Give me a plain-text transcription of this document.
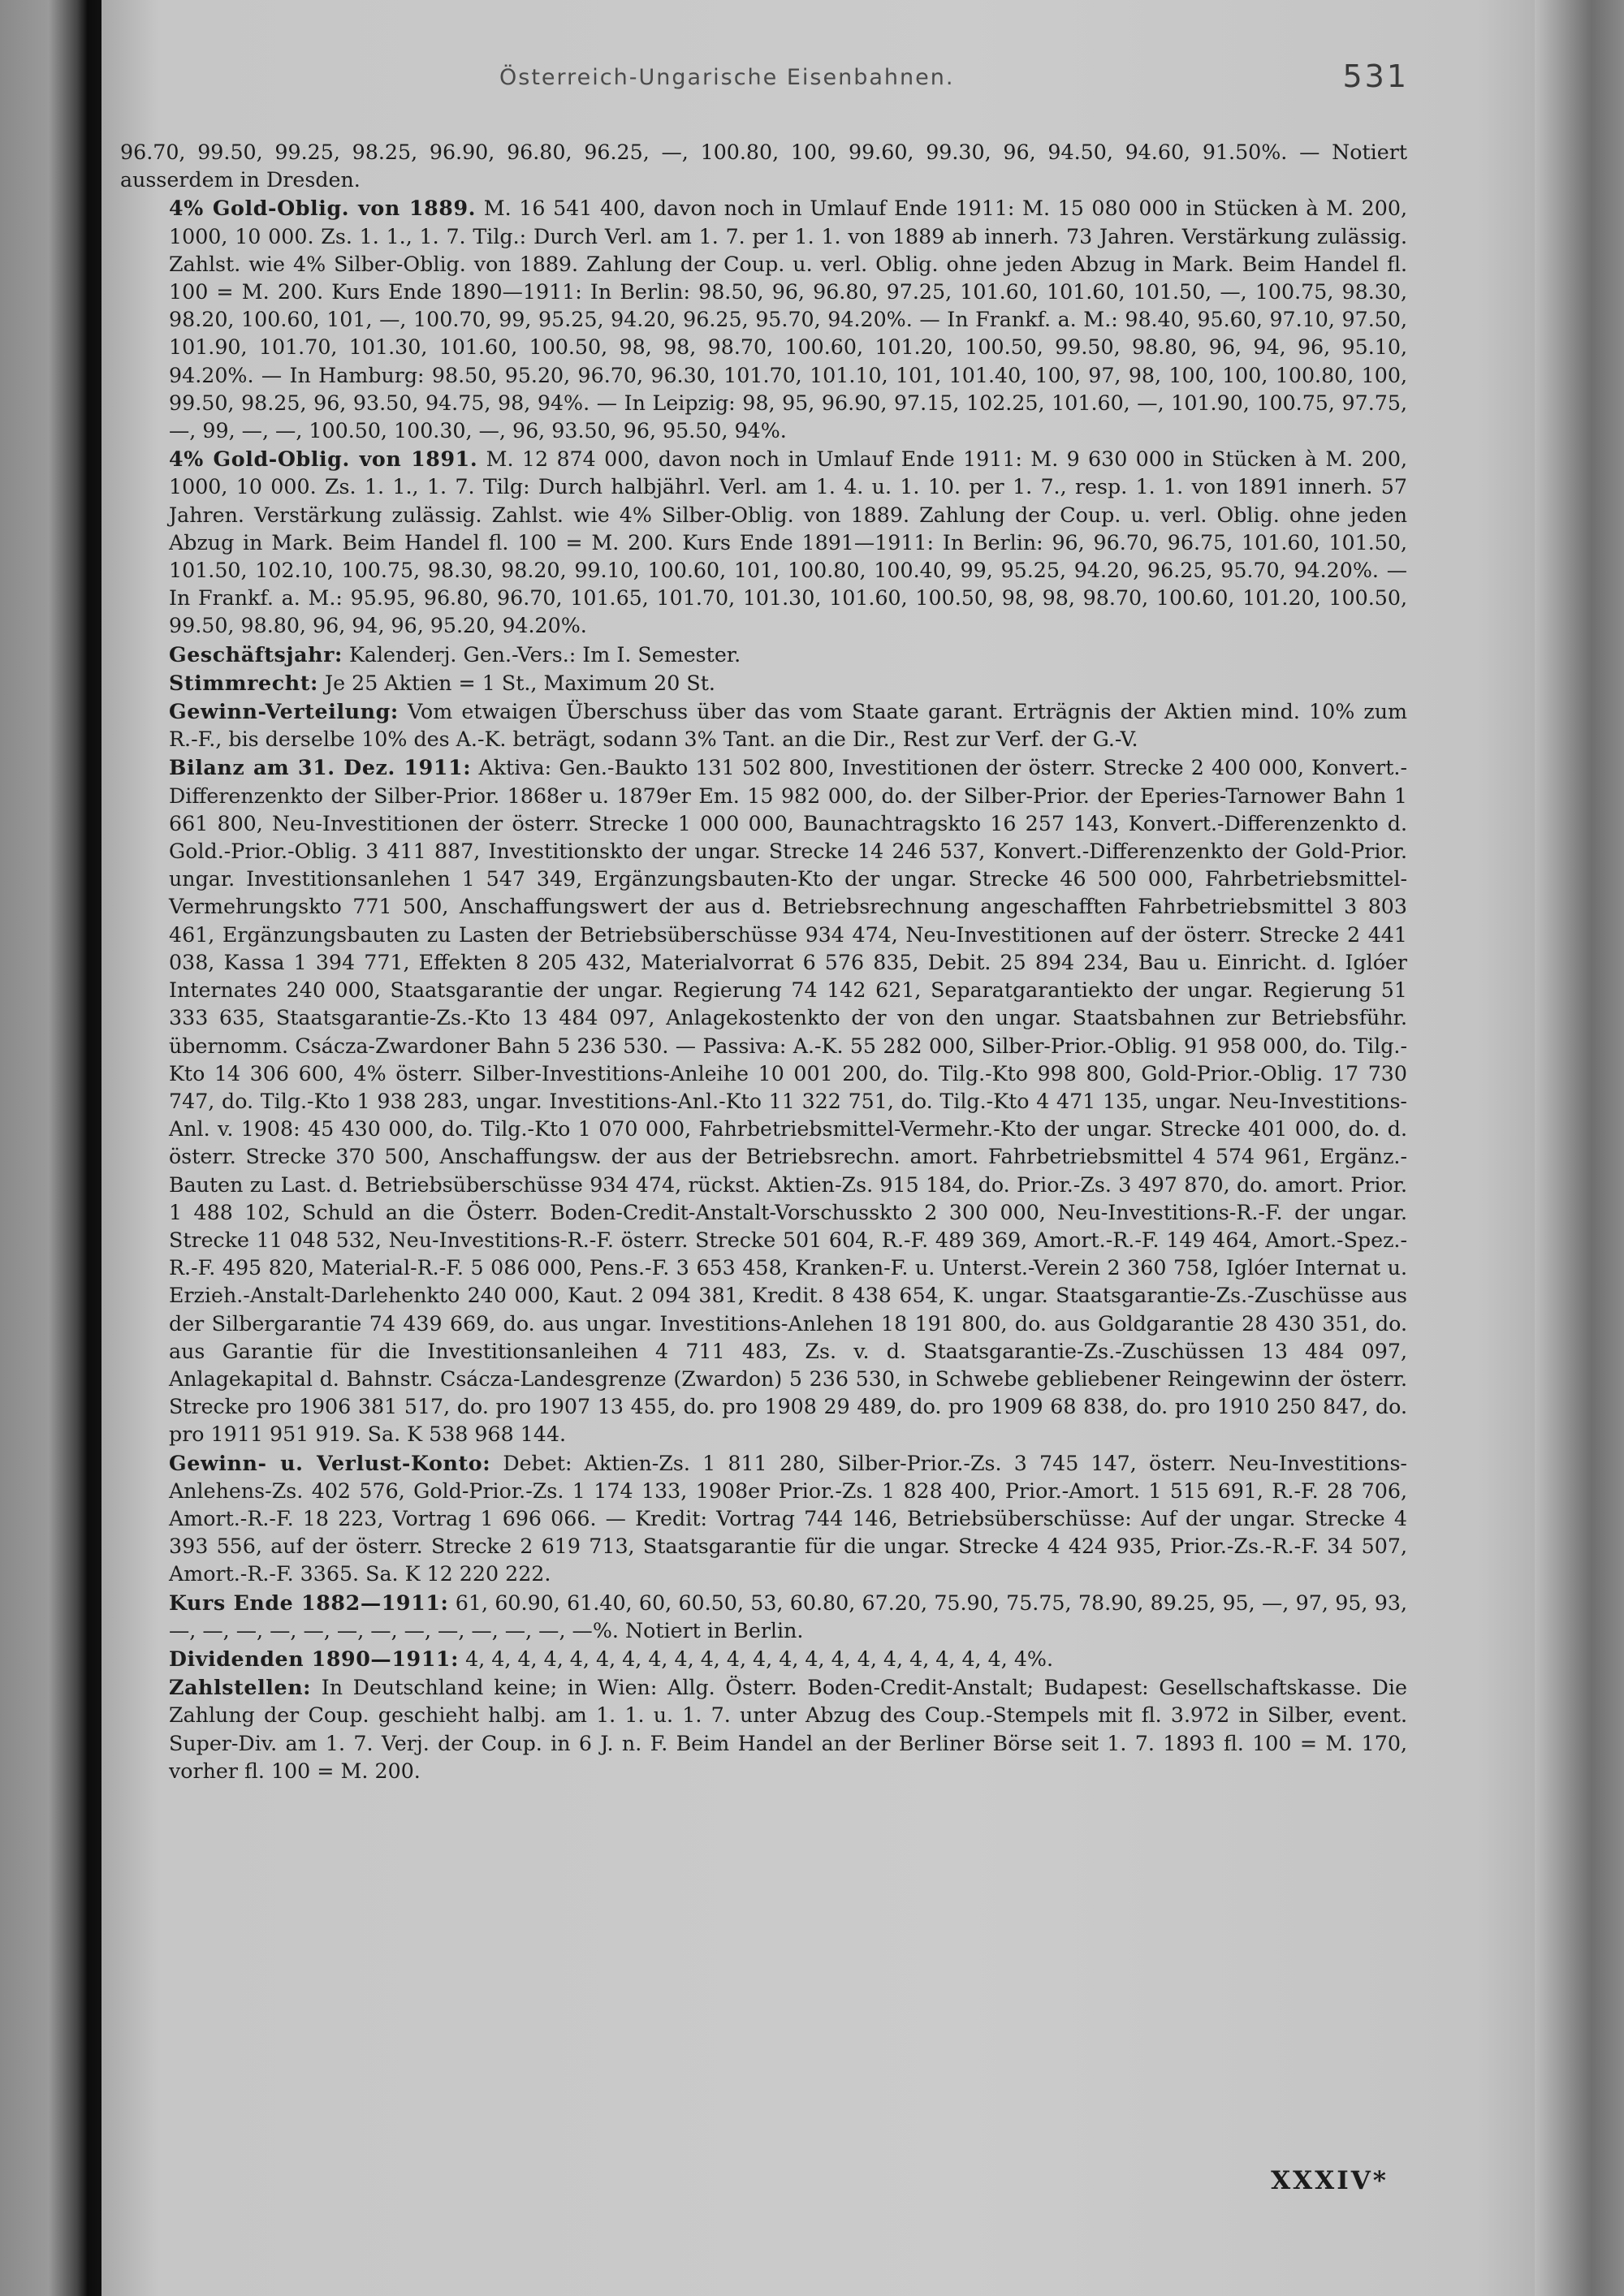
Österreich-Ungarische Eisenbahnen.	531

96.70, 99.50, 99.25, 98.25, 96.90, 96.80, 96.25, —, 100.80, 100, 99.60, 99.30, 96, 94.50, 94.60, 91.50%. — Notiert ausserdem in Dresden.

4% Gold-Oblig. von 1889. M. 16 541 400, davon noch in Umlauf Ende 1911: M. 15 080 000 in Stücken à M. 200, 1000, 10 000. Zs. 1. 1., 1. 7. Tilg.: Durch Verl. am 1. 7. per 1. 1. von 1889 ab innerh. 73 Jahren. Verstärkung zulässig. Zahlst. wie 4% Silber-Oblig. von 1889. Zahlung der Coup. u. verl. Oblig. ohne jeden Abzug in Mark. Beim Handel fl. 100 = M. 200. Kurs Ende 1890—1911: In Berlin: 98.50, 96, 96.80, 97.25, 101.60, 101.60, 101.50, —, 100.75, 98.30, 98.20, 100.60, 101, —, 100.70, 99, 95.25, 94.20, 96.25, 95.70, 94.20%. — In Frankf. a. M.: 98.40, 95.60, 97.10, 97.50, 101.90, 101.70, 101.30, 101.60, 100.50, 98, 98, 98.70, 100.60, 101.20, 100.50, 99.50, 98.80, 96, 94, 96, 95.10, 94.20%. — In Hamburg: 98.50, 95.20, 96.70, 96.30, 101.70, 101.10, 101, 101.40, 100, 97, 98, 100, 100, 100.80, 100, 99.50, 98.25, 96, 93.50, 94.75, 98, 94%. — In Leipzig: 98, 95, 96.90, 97.15, 102.25, 101.60, —, 101.90, 100.75, 97.75, —, 99, —, —, 100.50, 100.30, —, 96, 93.50, 96, 95.50, 94%.

4% Gold-Oblig. von 1891. M. 12 874 000, davon noch in Umlauf Ende 1911: M. 9 630 000 in Stücken à M. 200, 1000, 10 000. Zs. 1. 1., 1. 7. Tilg: Durch halbjährl. Verl. am 1. 4. u. 1. 10. per 1. 7., resp. 1. 1. von 1891 innerh. 57 Jahren. Verstärkung zulässig. Zahlst. wie 4% Silber-Oblig. von 1889. Zahlung der Coup. u. verl. Oblig. ohne jeden Abzug in Mark. Beim Handel fl. 100 = M. 200. Kurs Ende 1891—1911: In Berlin: 96, 96.70, 96.75, 101.60, 101.50, 101.50, 102.10, 100.75, 98.30, 98.20, 99.10, 100.60, 101, 100.80, 100.40, 99, 95.25, 94.20, 96.25, 95.70, 94.20%. — In Frankf. a. M.: 95.95, 96.80, 96.70, 101.65, 101.70, 101.30, 101.60, 100.50, 98, 98, 98.70, 100.60, 101.20, 100.50, 99.50, 98.80, 96, 94, 96, 95.20, 94.20%.

Geschäftsjahr: Kalenderj. Gen.-Vers.: Im I. Semester.

Stimmrecht: Je 25 Aktien = 1 St., Maximum 20 St.

Gewinn-Verteilung: Vom etwaigen Überschuss über das vom Staate garant. Erträgnis der Aktien mind. 10% zum R.-F., bis derselbe 10% des A.-K. beträgt, sodann 3% Tant. an die Dir., Rest zur Verf. der G.-V.

Bilanz am 31. Dez. 1911: Aktiva: Gen.-Baukto 131 502 800, Investitionen der österr. Strecke 2 400 000, Konvert.-Differenzenkto der Silber-Prior. 1868er u. 1879er Em. 15 982 000, do. der Silber-Prior. der Eperies-Tarnower Bahn 1 661 800, Neu-Investitionen der österr. Strecke 1 000 000, Baunachtragskto 16 257 143, Konvert.-Differenzenkto d. Gold.-Prior.-Oblig. 3 411 887, Investitionskto der ungar. Strecke 14 246 537, Konvert.-Differenzenkto der Gold-Prior. ungar. Investitionsanlehen 1 547 349, Ergänzungsbauten-Kto der ungar. Strecke 46 500 000, Fahrbetriebsmittel-Vermehrungskto 771 500, Anschaffungswert der aus d. Betriebsrechnung angeschafften Fahrbetriebsmittel 3 803 461, Ergänzungsbauten zu Lasten der Betriebsüberschüsse 934 474, Neu-Investitionen auf der österr. Strecke 2 441 038, Kassa 1 394 771, Effekten 8 205 432, Materialvorrat 6 576 835, Debit. 25 894 234, Bau u. Einricht. d. Iglóer Internates 240 000, Staatsgarantie der ungar. Regierung 74 142 621, Separatgarantiekto der ungar. Regierung 51 333 635, Staatsgarantie-Zs.-Kto 13 484 097, Anlagekostenkto der von den ungar. Staatsbahnen zur Betriebsführ. übernomm. Csácza-Zwardoner Bahn 5 236 530. — Passiva: A.-K. 55 282 000, Silber-Prior.-Oblig. 91 958 000, do. Tilg.-Kto 14 306 600, 4% österr. Silber-Investitions-Anleihe 10 001 200, do. Tilg.-Kto 998 800, Gold-Prior.-Oblig. 17 730 747, do. Tilg.-Kto 1 938 283, ungar. Investitions-Anl.-Kto 11 322 751, do. Tilg.-Kto 4 471 135, ungar. Neu-Investitions-Anl. v. 1908: 45 430 000, do. Tilg.-Kto 1 070 000, Fahrbetriebsmittel-Vermehr.-Kto der ungar. Strecke 401 000, do. d. österr. Strecke 370 500, Anschaffungsw. der aus der Betriebsrechn. amort. Fahrbetriebsmittel 4 574 961, Ergänz.-Bauten zu Last. d. Betriebsüberschüsse 934 474, rückst. Aktien-Zs. 915 184, do. Prior.-Zs. 3 497 870, do. amort. Prior. 1 488 102, Schuld an die Österr. Boden-Credit-Anstalt-Vorschusskto 2 300 000, Neu-Investitions-R.-F. der ungar. Strecke 11 048 532, Neu-Investitions-R.-F. österr. Strecke 501 604, R.-F. 489 369, Amort.-R.-F. 149 464, Amort.-Spez.-R.-F. 495 820, Material-R.-F. 5 086 000, Pens.-F. 3 653 458, Kranken-F. u. Unterst.-Verein 2 360 758, Iglóer Internat u. Erzieh.-Anstalt-Darlehenkto 240 000, Kaut. 2 094 381, Kredit. 8 438 654, K. ungar. Staatsgarantie-Zs.-Zuschüsse aus der Silbergarantie 74 439 669, do. aus ungar. Investitions-Anlehen 18 191 800, do. aus Goldgarantie 28 430 351, do. aus Garantie für die Investitionsanleihen 4 711 483, Zs. v. d. Staatsgarantie-Zs.-Zuschüssen 13 484 097, Anlagekapital d. Bahnstr. Csácza-Landesgrenze (Zwardon) 5 236 530, in Schwebe gebliebener Reingewinn der österr. Strecke pro 1906 381 517, do. pro 1907 13 455, do. pro 1908 29 489, do. pro 1909 68 838, do. pro 1910 250 847, do. pro 1911 951 919. Sa. K 538 968 144.

Gewinn- u. Verlust-Konto: Debet: Aktien-Zs. 1 811 280, Silber-Prior.-Zs. 3 745 147, österr. Neu-Investitions-Anlehens-Zs. 402 576, Gold-Prior.-Zs. 1 174 133, 1908er Prior.-Zs. 1 828 400, Prior.-Amort. 1 515 691, R.-F. 28 706, Amort.-R.-F. 18 223, Vortrag 1 696 066. — Kredit: Vortrag 744 146, Betriebsüberschüsse: Auf der ungar. Strecke 4 393 556, auf der österr. Strecke 2 619 713, Staatsgarantie für die ungar. Strecke 4 424 935, Prior.-Zs.-R.-F. 34 507, Amort.-R.-F. 3365. Sa. K 12 220 222.

Kurs Ende 1882—1911: 61, 60.90, 61.40, 60, 60.50, 53, 60.80, 67.20, 75.90, 75.75, 78.90, 89.25, 95, —, 97, 95, 93, —, —, —, —, —, —, —, —, —, —, —, —, —%. Notiert in Berlin.

Dividenden 1890—1911: 4, 4, 4, 4, 4, 4, 4, 4, 4, 4, 4, 4, 4, 4, 4, 4, 4, 4, 4, 4, 4, 4%.

Zahlstellen: In Deutschland keine; in Wien: Allg. Österr. Boden-Credit-Anstalt; Budapest: Gesellschaftskasse. Die Zahlung der Coup. geschieht halbj. am 1. 1. u. 1. 7. unter Abzug des Coup.-Stempels mit fl. 3.972 in Silber, event. Super-Div. am 1. 7. Verj. der Coup. in 6 J. n. F. Beim Handel an der Berliner Börse seit 1. 7. 1893 fl. 100 = M. 170, vorher fl. 100 = M. 200.

XXXIV*
